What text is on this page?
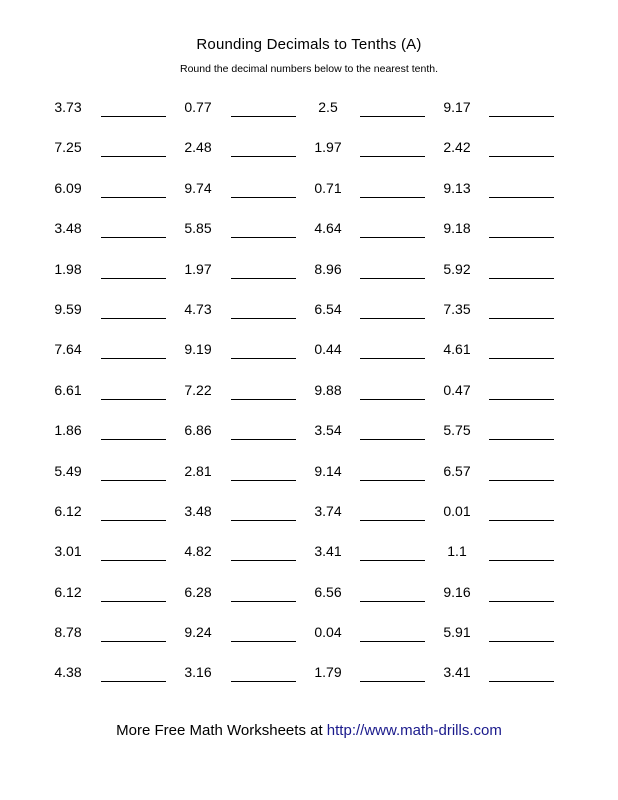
Rounding Decimals to Tenths (A)
Round the decimal numbers below to the nearest tenth.
3.73	0.77	2.5	9.17
7.25	2.48	1.97	2.42
6.09	9.74	0.71	9.13
3.48	5.85	4.64	9.18
1.98	1.97	8.96	5.92
9.59	4.73	6.54	7.35
7.64	9.19	0.44	4.61
6.61	7.22	9.88	0.47
1.86	6.86	3.54	5.75
5.49	2.81	9.14	6.57
6.12	3.48	3.74	0.01
3.01	4.82	3.41	1.1
6.12	6.28	6.56	9.16
8.78	9.24	0.04	5.91
4.38	3.16	1.79	3.41
More Free Math Worksheets at http://www.math-drills.com
